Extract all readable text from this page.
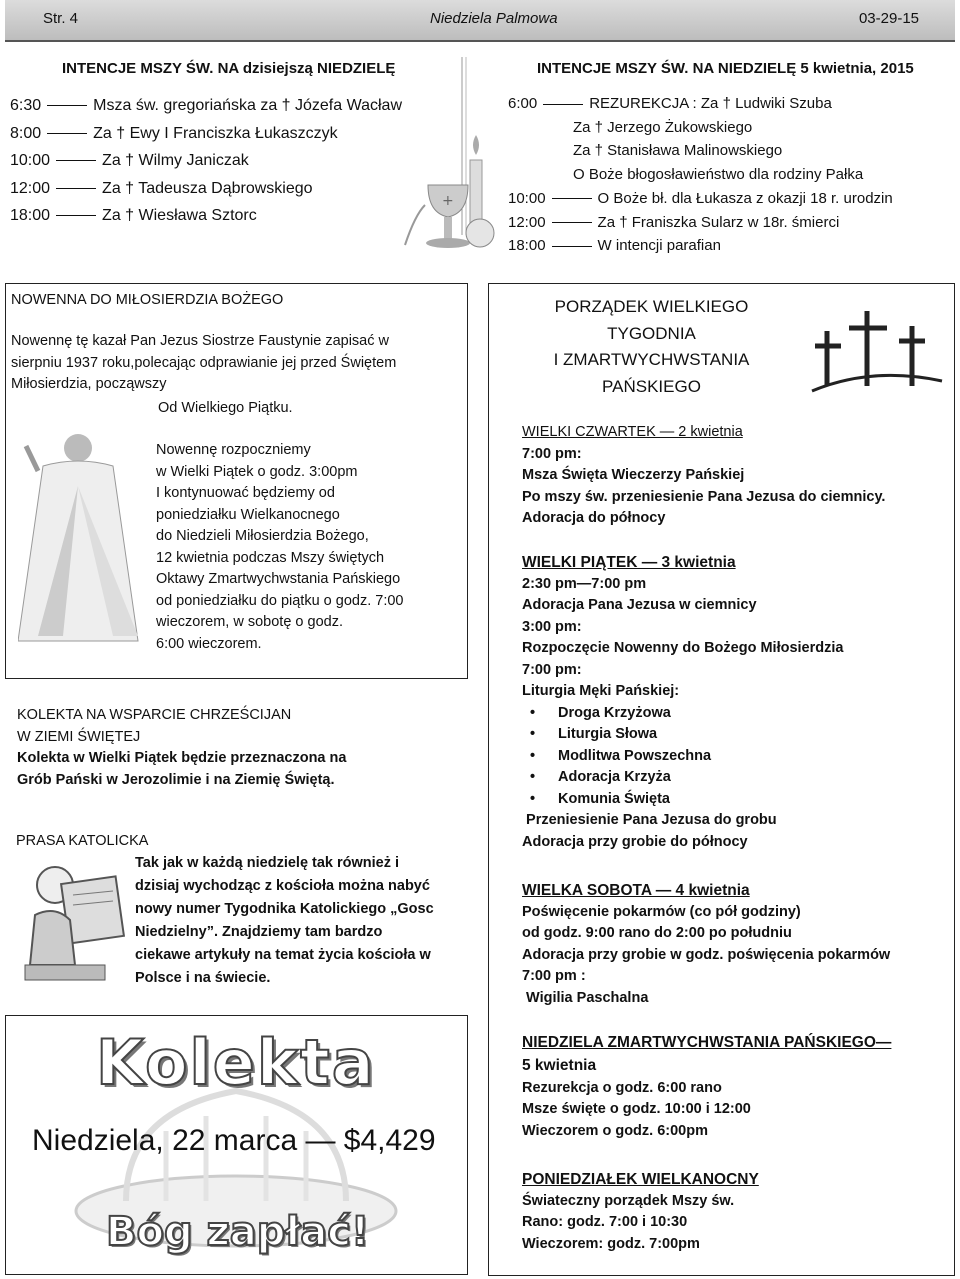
Str. 4	Niedziela Palmowa	03-29-15
INTENCJE MSZY ŚW. NA dzisiejszą NIEDZIELĘ
6:30	Msza św. gregoriańska za † Józefa Wacław
8:00	Za † Ewy I Franciszka Łukaszczyk
10:00	Za † Wilmy Janiczak
12:00	Za † Tadeusza Dąbrowskiego
18:00	Za † Wiesława Sztorc
+
INTENCJE MSZY ŚW. NA NIEDZIELĘ 5 kwietnia, 2015
6:00	REZUREKCJA : Za † Ludwiki Szuba
Za † Jerzego Żukowskiego
Za † Stanisława Malinowskiego
O Boże błogosławieństwo dla rodziny Pałka
10:00	O Boże bł. dla Łukasza z okazji 18 r. urodzin
12:00	Za † Franiszka Sularz w 18r. śmierci
18:00	W intencji parafian
NOWENNA DO MIŁOSIERDZIA BOŻEGO
Nowennę tę kazał Pan Jezus Siostrze Faustynie zapisać w sierpniu 1937 roku,polecając odprawianie jej przed Świętem Miłosierdzia, począwszy
Od Wielkiego Piątku.
Nowennę rozpoczniemy
w Wielki Piątek o godz. 3:00pm
I kontynuować będziemy od
poniedziałku Wielkanocnego
do Niedzieli Miłosierdzia Bożego,
12 kwietnia podczas Mszy świętych
Oktawy Zmartwychwstania Pańskiego
od poniedziałku do piątku o godz. 7:00
wieczorem, w sobotę o godz.
6:00 wieczorem.
KOLEKTA NA WSPARCIE CHRZEŚCIJAN
W ZIEMI ŚWIĘTEJ
Kolekta w Wielki Piątek będzie przeznaczona na
Grób Pański w Jerozolimie i na Ziemię Świętą.
PRASA KATOLICKA
Tak jak w każdą niedzielę tak również i
dzisiaj wychodząc z kościoła można nabyć
nowy numer Tygodnika Katolickiego „Gosc
Niedzielny”. Znajdziemy tam bardzo
ciekawe artykuły na temat życia kościoła w
Polsce i na świecie.
Kolekta
Niedziela, 22 marca — $4,429
Bóg zapłać!
PORZĄDEK WIELKIEGO
TYGODNIA
I ZMARTWYCHWSTANIA
PAŃSKIEGO
WIELKI CZWARTEK — 2 kwietnia
7:00 pm:
Msza Święta Wieczerzy Pańskiej
Po mszy św. przeniesienie Pana Jezusa do ciemnicy.
Adoracja do północy
WIELKI PIĄTEK — 3 kwietnia
2:30 pm—7:00 pm
Adoracja Pana Jezusa w ciemnicy
3:00 pm:
Rozpoczęcie Nowenny do Bożego Miłosierdzia
7:00 pm:
Liturgia Męki Pańskiej:
• Droga Krzyżowa
• Liturgia Słowa
• Modlitwa Powszechna
• Adoracja Krzyża
• Komunia Święta
Przeniesienie Pana Jezusa do grobu
Adoracja przy grobie do północy
WIELKA SOBOTA — 4 kwietnia
Poświęcenie pokarmów (co pół godziny)
od godz. 9:00 rano do 2:00 po południu
Adoracja przy grobie w godz. poświęcenia pokarmów
7:00 pm :
Wigilia Paschalna
NIEDZIELA ZMARTWYCHWSTANIA PAŃSKIEGO—
5 kwietnia
Rezurekcja o godz. 6:00 rano
Msze święte o godz. 10:00 i 12:00
Wieczorem o godz. 6:00pm
PONIEDZIAŁEK WIELKANOCNY
Świateczny porządek Mszy św.
Rano: godz. 7:00 i 10:30
Wieczorem: godz. 7:00pm
